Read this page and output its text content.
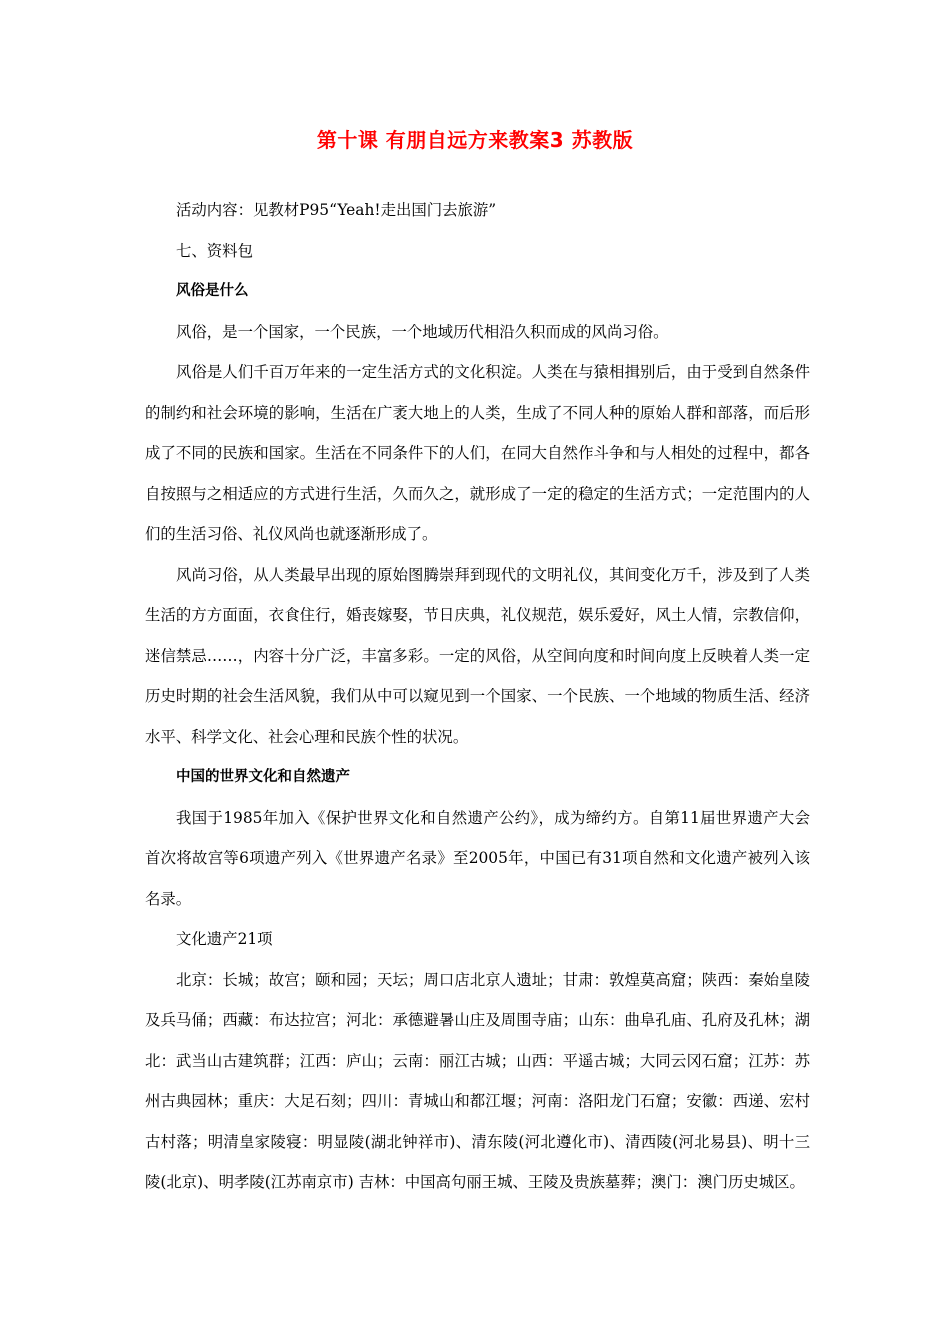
第十课 有朋自远方来教案3 苏教版

活动内容：见教材P95“Yeah!走出国门去旅游”

七、资料包

风俗是什么

风俗，是一个国家，一个民族，一个地域历代相沿久积而成的风尚习俗。

风俗是人们千百万年来的一定生活方式的文化积淀。人类在与猿相揖别后，由于受到自然条件的制约和社会环境的影响，生活在广袤大地上的人类，生成了不同人种的原始人群和部落，而后形成了不同的民族和国家。生活在不同条件下的人们，在同大自然作斗争和与人相处的过程中，都各自按照与之相适应的方式进行生活，久而久之，就形成了一定的稳定的生活方式；一定范围内的人们的生活习俗、礼仪风尚也就逐渐形成了。

风尚习俗，从人类最早出现的原始图腾崇拜到现代的文明礼仪，其间变化万千，涉及到了人类生活的方方面面，衣食住行，婚丧嫁娶，节日庆典，礼仪规范，娱乐爱好，风土人情，宗教信仰，迷信禁忌……，内容十分广泛，丰富多彩。一定的风俗，从空间向度和时间向度上反映着人类一定历史时期的社会生活风貌，我们从中可以窥见到一个国家、一个民族、一个地域的物质生活、经济水平、科学文化、社会心理和民族个性的状况。

中国的世界文化和自然遗产

我国于1985年加入《保护世界文化和自然遗产公约》，成为缔约方。自第11届世界遗产大会首次将故宫等6项遗产列入《世界遗产名录》至2005年，中国已有31项自然和文化遗产被列入该名录。

文化遗产21项

北京：长城；故宫；颐和园；天坛；周口店北京人遗址；甘肃：敦煌莫高窟；陕西：秦始皇陵及兵马俑；西藏：布达拉宫；河北：承德避暑山庄及周围寺庙；山东：曲阜孔庙、孔府及孔林；湖北：武当山古建筑群；江西：庐山；云南：丽江古城；山西：平遥古城；大同云冈石窟；江苏：苏州古典园林；重庆：大足石刻；四川：青城山和都江堰；河南：洛阳龙门石窟；安徽：西递、宏村古村落；明清皇家陵寝：明显陵(湖北钟祥市)、清东陵(河北遵化市)、清西陵(河北易县)、明十三陵(北京)、明孝陵(江苏南京市) 吉林：中国高句丽王城、王陵及贵族墓葬；澳门：澳门历史城区。
